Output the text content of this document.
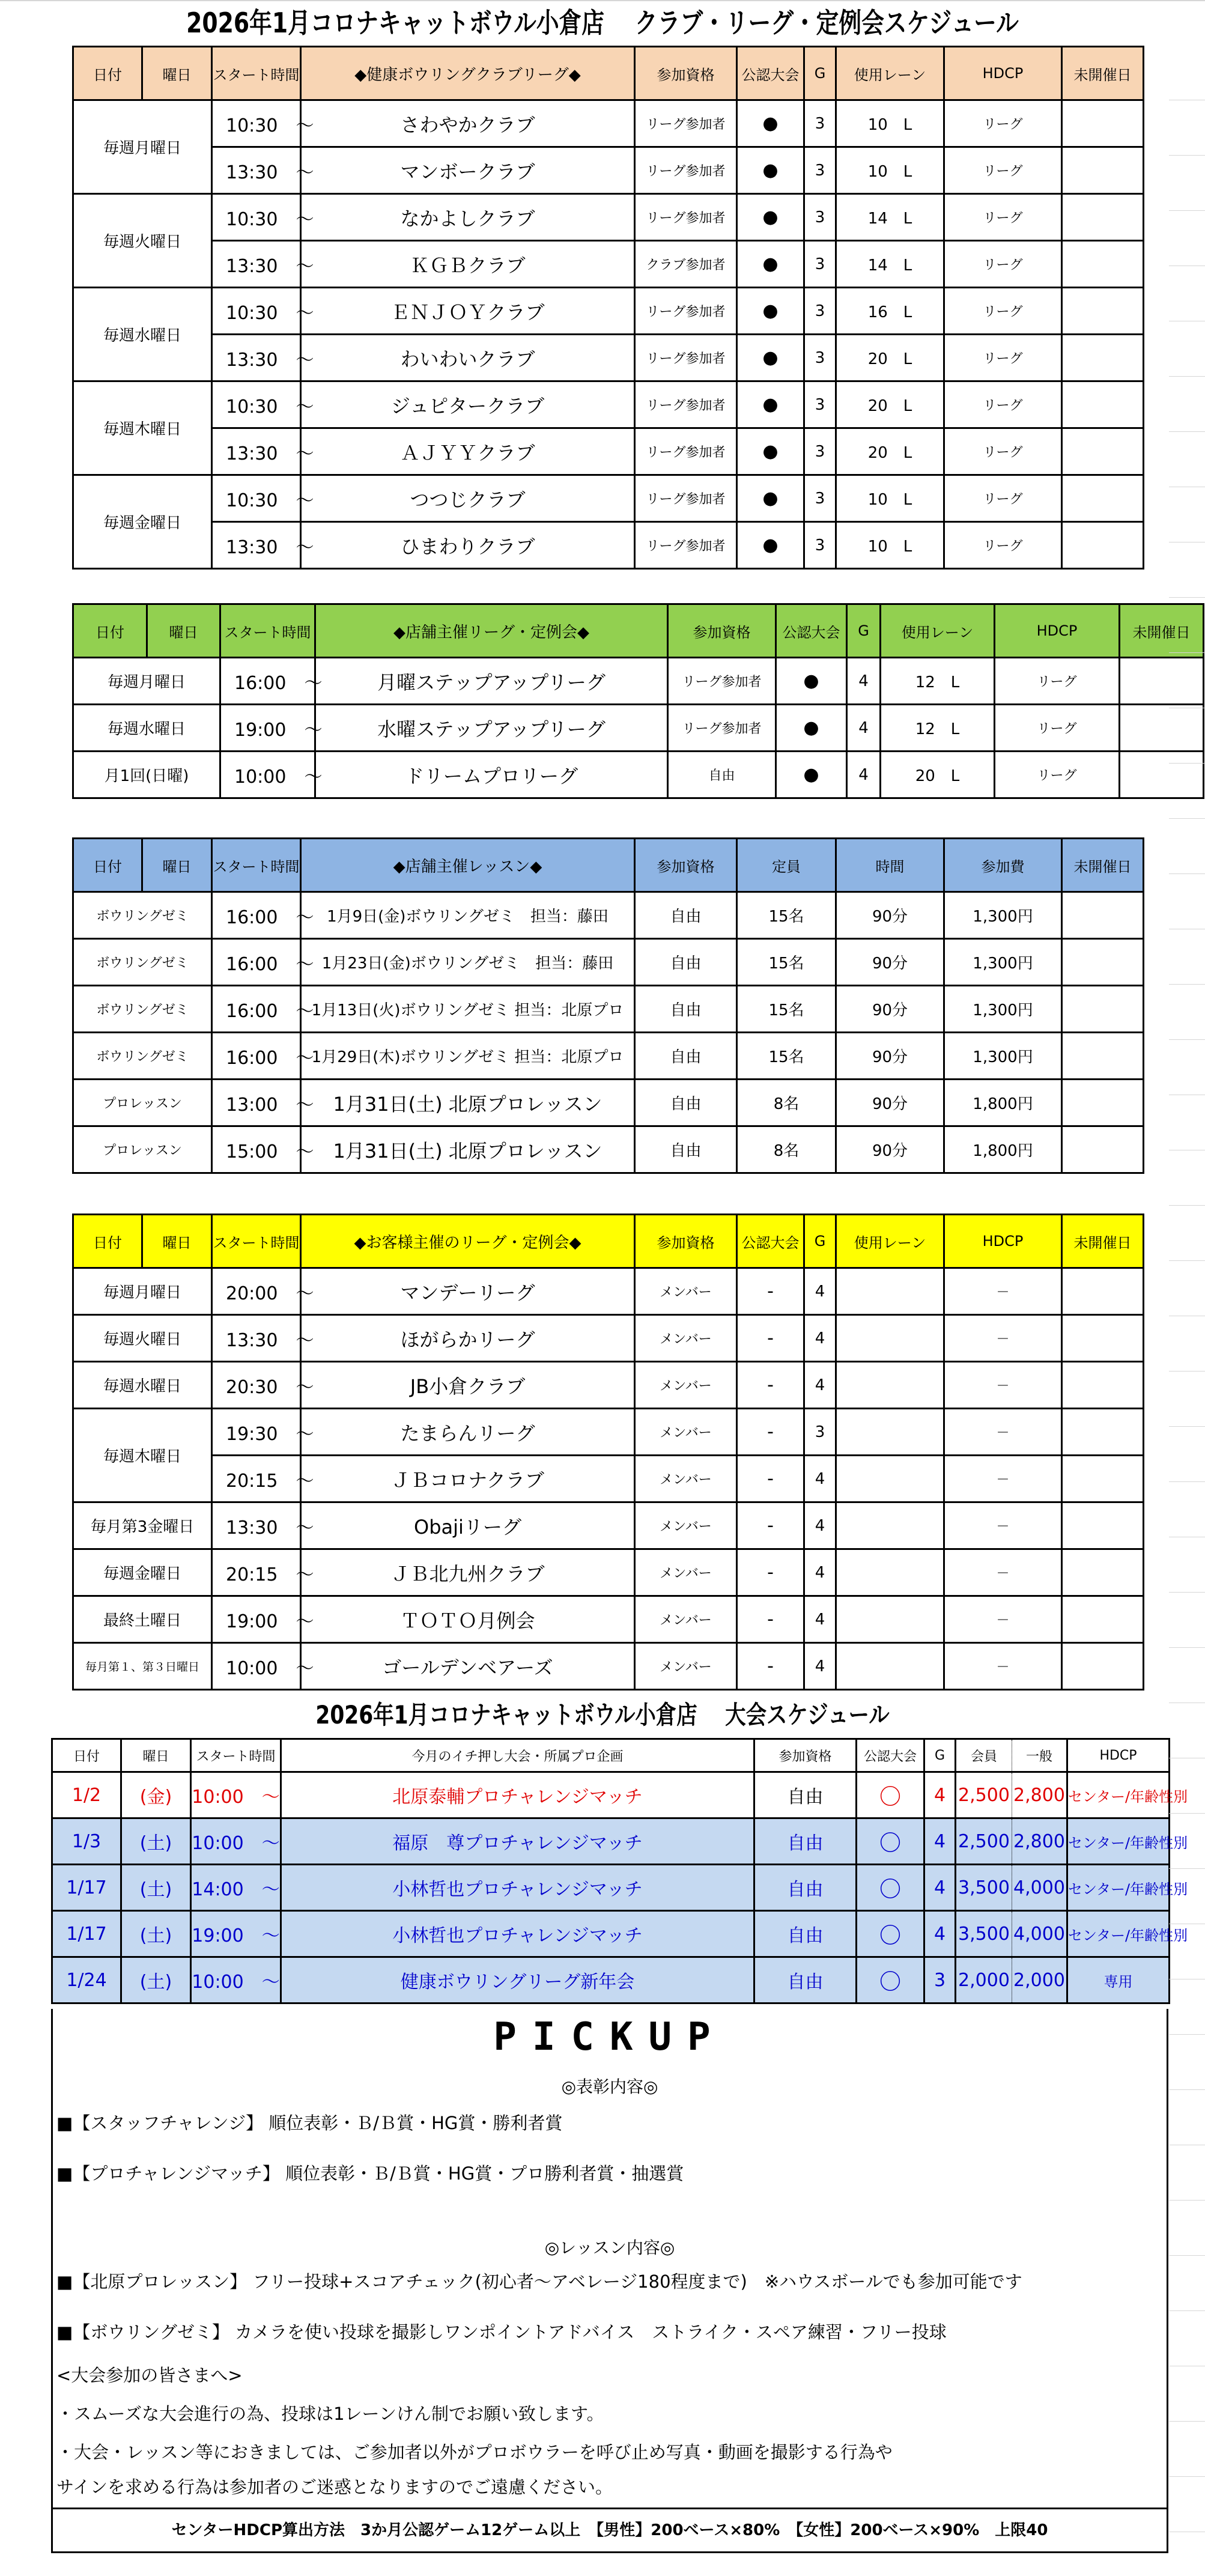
2026年1月コロナキャットボウル小倉店　 クラブ・リーグ・定例会スケジュール
日付	曜日	スタート時間	◆健康ボウリングクラブリーグ◆	参加資格	公認大会	G	使用レーン	HDCP	未開催日
毎週月曜日		10:30　～	さわやかクラブ	リーグ参加者	●	3	10　L	リーグ	
		13:30　～	マンボークラブ	リーグ参加者	●	3	10　L	リーグ	
毎週火曜日		10:30　～	なかよしクラブ	リーグ参加者	●	3	14　L	リーグ	
		13:30　～	ＫＧＢクラブ	クラブ参加者	●	3	14　L	リーグ	
毎週水曜日		10:30　～	ＥＮＪＯＹクラブ	リーグ参加者	●	3	16　L	リーグ	
		13:30　～	わいわいクラブ	リーグ参加者	●	3	20　L	リーグ	
毎週木曜日		10:30　～	ジュピタークラブ	リーグ参加者	●	3	20　L	リーグ	
		13:30　～	ＡＪＹＹクラブ	リーグ参加者	●	3	20　L	リーグ	
毎週金曜日		10:30　～	つつじクラブ	リーグ参加者	●	3	10　L	リーグ	
		13:30　～	ひまわりクラブ	リーグ参加者	●	3	10　L	リーグ	
日付	曜日	スタート時間	◆店舗主催リーグ・定例会◆	参加資格	公認大会	G	使用レーン	HDCP	未開催日
毎週月曜日		16:00　～	月曜ステップアップリーグ	リーグ参加者	●	4	12　L	リーグ	
毎週水曜日		19:00　～	水曜ステップアップリーグ	リーグ参加者	●	4	12　L	リーグ	
月1回(日曜)		10:00　～	ドリームプロリーグ	自由	●	4	20　L	リーグ	
日付	曜日	スタート時間	◆店舗主催レッスン◆	参加資格	定員	時間	参加費	未開催日
ボウリングゼミ		16:00　～	1月9日(金)ボウリングゼミ　担当：藤田	自由	15名	90分	1,300円	
ボウリングゼミ		16:00　～	1月23日(金)ボウリングゼミ　担当：藤田	自由	15名	90分	1,300円	
ボウリングゼミ		16:00　～	1月13日(火)ボウリングゼミ 担当：北原プロ	自由	15名	90分	1,300円	
ボウリングゼミ		16:00　～	1月29日(木)ボウリングゼミ 担当：北原プロ	自由	15名	90分	1,300円	
プロレッスン		13:00　～	1月31日(土) 北原プロレッスン	自由	8名	90分	1,800円	
プロレッスン		15:00　～	1月31日(土) 北原プロレッスン	自由	8名	90分	1,800円	
日付	曜日	スタート時間	◆お客様主催のリーグ・定例会◆	参加資格	公認大会	G	使用レーン	HDCP	未開催日
毎週月曜日		20:00　～	マンデーリーグ	メンバー	-	4		－	
毎週火曜日		13:30　～	ほがらかリーグ	メンバー	-	4		－	
毎週水曜日		20:30　～	JB小倉クラブ	メンバー	-	4		－	
毎週木曜日		19:30　～	たまらんリーグ	メンバー	-	3		－	
		20:15　～	ＪＢコロナクラブ	メンバー	-	4		－	
毎月第3金曜日		13:30　～	Obajiリーグ	メンバー	-	4		－	
毎週金曜日		20:15　～	ＪＢ北九州クラブ	メンバー	-	4		－	
最終土曜日		19:00　～	ＴＯＴＯ月例会	メンバー	-	4		－	
毎月第１、第３日曜日		10:00　～	ゴールデンベアーズ	メンバー	-	4		－	
2026年1月コロナキャットボウル小倉店　 大会スケジュール
日付	曜日	スタート時間	今月のイチ押し大会・所属プロ企画	参加資格	公認大会	G	会員	一般	HDCP
1/2	(金)	10:00　～	北原泰輔プロチャレンジマッチ	自由	〇	4	2,500	2,800	センター/年齢性別
1/3	(土)	10:00　～	福原　尊プロチャレンジマッチ	自由	〇	4	2,500	2,800	センター/年齢性別
1/17	(土)	14:00　～	小林哲也プロチャレンジマッチ	自由	〇	4	3,500	4,000	センター/年齢性別
1/17	(土)	19:00　～	小林哲也プロチャレンジマッチ	自由	〇	4	3,500	4,000	センター/年齢性別
1/24	(土)	10:00　～	健康ボウリングリーグ新年会	自由	〇	3	2,000	2,000	専用
PICKUP
◎表彰内容◎
■【スタッフチャレンジ】 順位表彰・Ｂ/Ｂ賞・HG賞・勝利者賞
■【プロチャレンジマッチ】 順位表彰・Ｂ/Ｂ賞・HG賞・プロ勝利者賞・抽選賞
◎レッスン内容◎
■【北原プロレッスン】 フリー投球+スコアチェック(初心者～アベレージ180程度まで)　※ハウスボールでも参加可能です
■【ボウリングゼミ】 カメラを使い投球を撮影しワンポイントアドバイス　ストライク・スペア練習・フリー投球
<大会参加の皆さまへ>
・スムーズな大会進行の為、投球は1レーンけん制でお願い致します。
・大会・レッスン等におきましては、ご参加者以外がプロボウラーを呼び止め写真・動画を撮影する行為や
サインを求める行為は参加者のご迷惑となりますのでご遠慮ください。
センターHDCP算出方法　3か月公認ゲーム12ゲーム以上　【男性】200ベース×80%　【女性】200ベース×90%　上限40
